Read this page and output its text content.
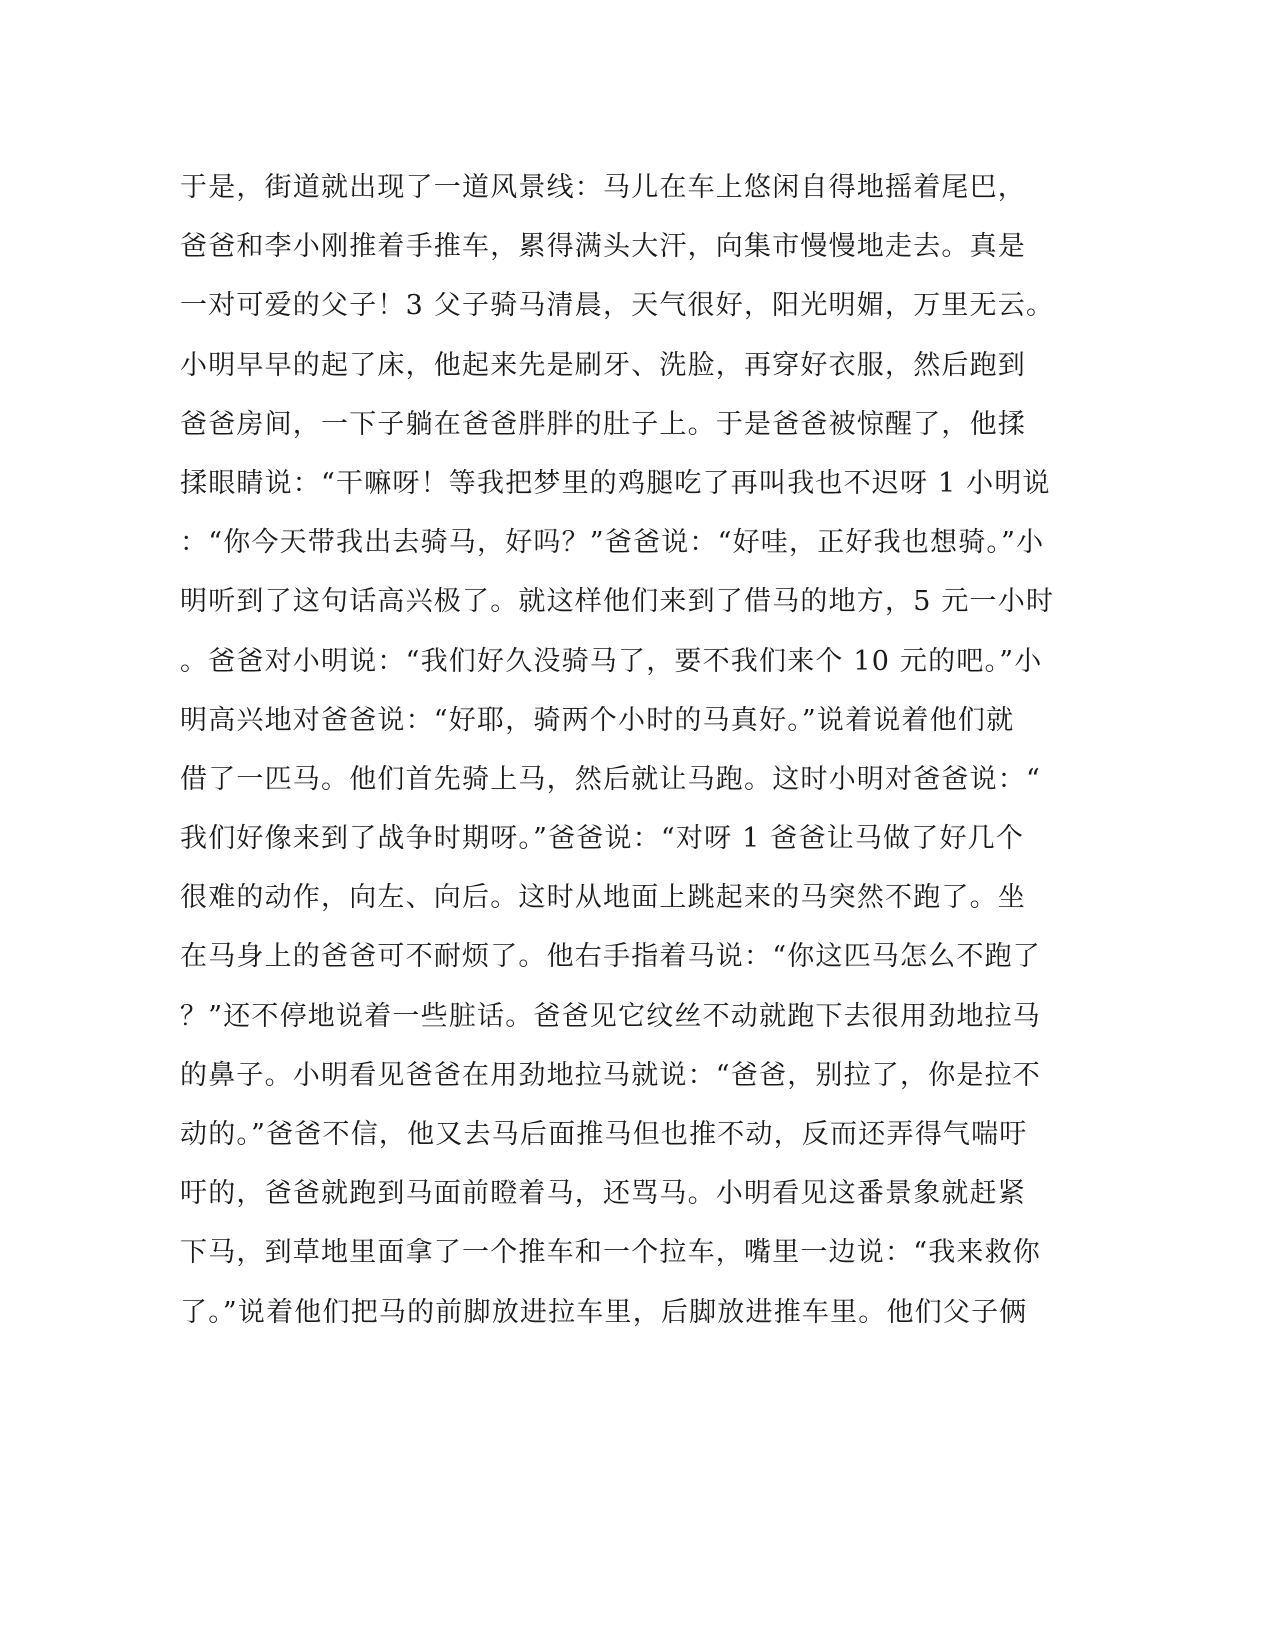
于是，街道就出现了一道风景线：马儿在车上悠闲自得地摇着尾巴，
爸爸和李小刚推着手推车，累得满头大汗，向集市慢慢地走去。真是
一对可爱的父子！3 父子骑马清晨，天气很好，阳光明媚，万里无云。
小明早早的起了床，他起来先是刷牙、洗脸，再穿好衣服，然后跑到
爸爸房间，一下子躺在爸爸胖胖的肚子上。于是爸爸被惊醒了，他揉
揉眼睛说：“干嘛呀！等我把梦里的鸡腿吃了再叫我也不迟呀 1 小明说
：“你今天带我出去骑马，好吗？”爸爸说：“好哇，正好我也想骑。”小
明听到了这句话高兴极了。就这样他们来到了借马的地方，5 元一小时
。爸爸对小明说：“我们好久没骑马了，要不我们来个 10 元的吧。”小
明高兴地对爸爸说：“好耶，骑两个小时的马真好。”说着说着他们就
借了一匹马。他们首先骑上马，然后就让马跑。这时小明对爸爸说：“
我们好像来到了战争时期呀。”爸爸说：“对呀 1 爸爸让马做了好几个
很难的动作，向左、向后。这时从地面上跳起来的马突然不跑了。坐
在马身上的爸爸可不耐烦了。他右手指着马说：“你这匹马怎么不跑了
？”还不停地说着一些脏话。爸爸见它纹丝不动就跑下去很用劲地拉马
的鼻子。小明看见爸爸在用劲地拉马就说：“爸爸，别拉了，你是拉不
动的。”爸爸不信，他又去马后面推马但也推不动，反而还弄得气喘吁
吁的，爸爸就跑到马面前瞪着马，还骂马。小明看见这番景象就赶紧
下马，到草地里面拿了一个推车和一个拉车，嘴里一边说：“我来救你
了。”说着他们把马的前脚放进拉车里，后脚放进推车里。他们父子俩
